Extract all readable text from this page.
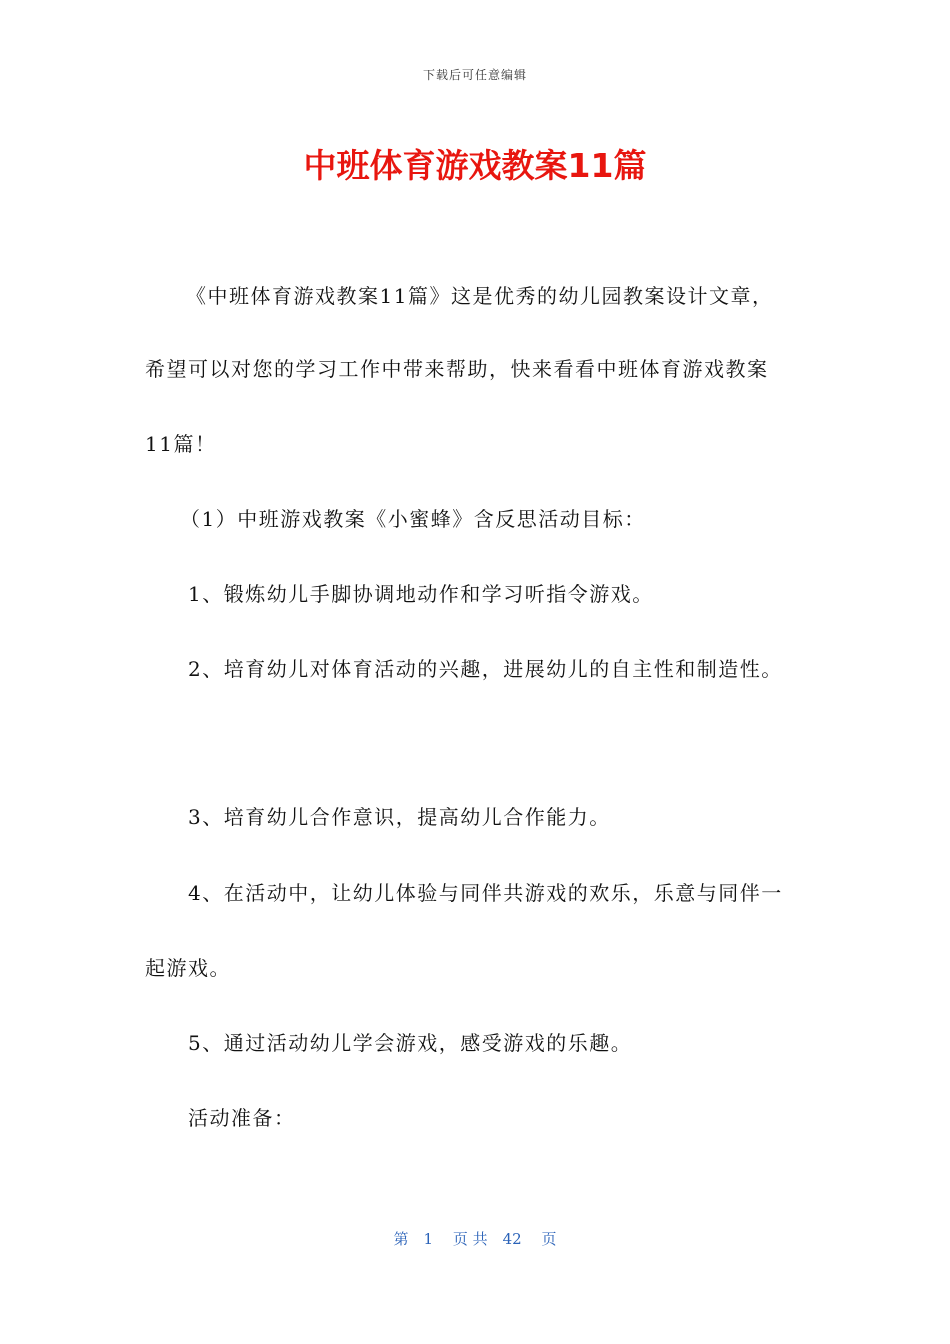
下载后可任意编辑
中班体育游戏教案11篇
《中班体育游戏教案11篇》这是优秀的幼儿园教案设计文章，
希望可以对您的学习工作中带来帮助，快来看看中班体育游戏教案
11篇！
（1）中班游戏教案《小蜜蜂》含反思活动目标：
1、锻炼幼儿手脚协调地动作和学习听指令游戏。
2、培育幼儿对体育活动的兴趣，进展幼儿的自主性和制造性。
3、培育幼儿合作意识，提高幼儿合作能力。
4、在活动中，让幼儿体验与同伴共游戏的欢乐，乐意与同伴一
起游戏。
5、通过活动幼儿学会游戏，感受游戏的乐趣。
活动准备：
第　1　 页 共　42　 页
